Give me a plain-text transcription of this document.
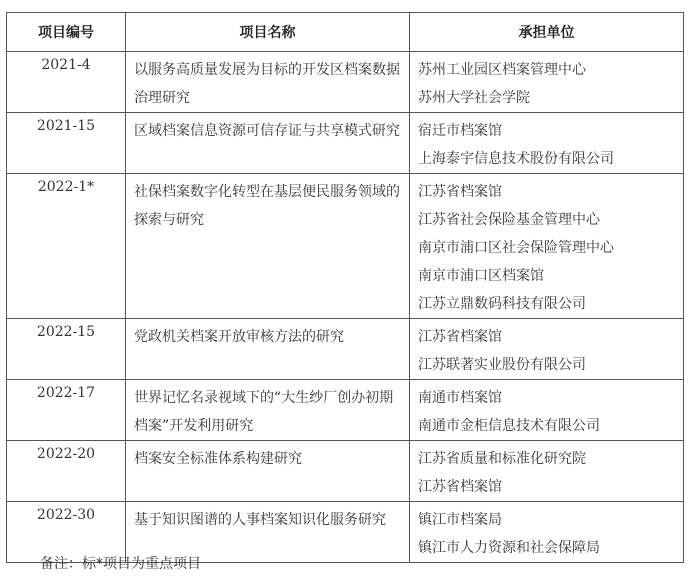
项目编号	项目名称	承担单位
2021-4	以服务高质量发展为目标的开发区档案数据治理研究	苏州工业园区档案管理中心
苏州大学社会学院

2021-15	区域档案信息资源可信存证与共享模式研究	宿迁市档案馆
上海泰宇信息技术股份有限公司

2022-1*	社保档案数字化转型在基层便民服务领域的探索与研究	江苏省档案馆
江苏省社会保险基金管理中心
南京市浦口区社会保险管理中心
南京市浦口区档案馆
江苏立鼎数码科技有限公司

2022-15	党政机关档案开放审核方法的研究	江苏省档案馆
江苏联著实业股份有限公司

2022-17	世界记忆名录视域下的“大生纱厂创办初期档案”开发利用研究	南通市档案馆
南通市金柜信息技术有限公司

2022-20	档案安全标准体系构建研究	江苏省质量和标准化研究院
江苏省档案馆

2022-30	基于知识图谱的人事档案知识化服务研究	镇江市档案局
镇江市人力资源和社会保障局
备注：标*项目为重点项目
